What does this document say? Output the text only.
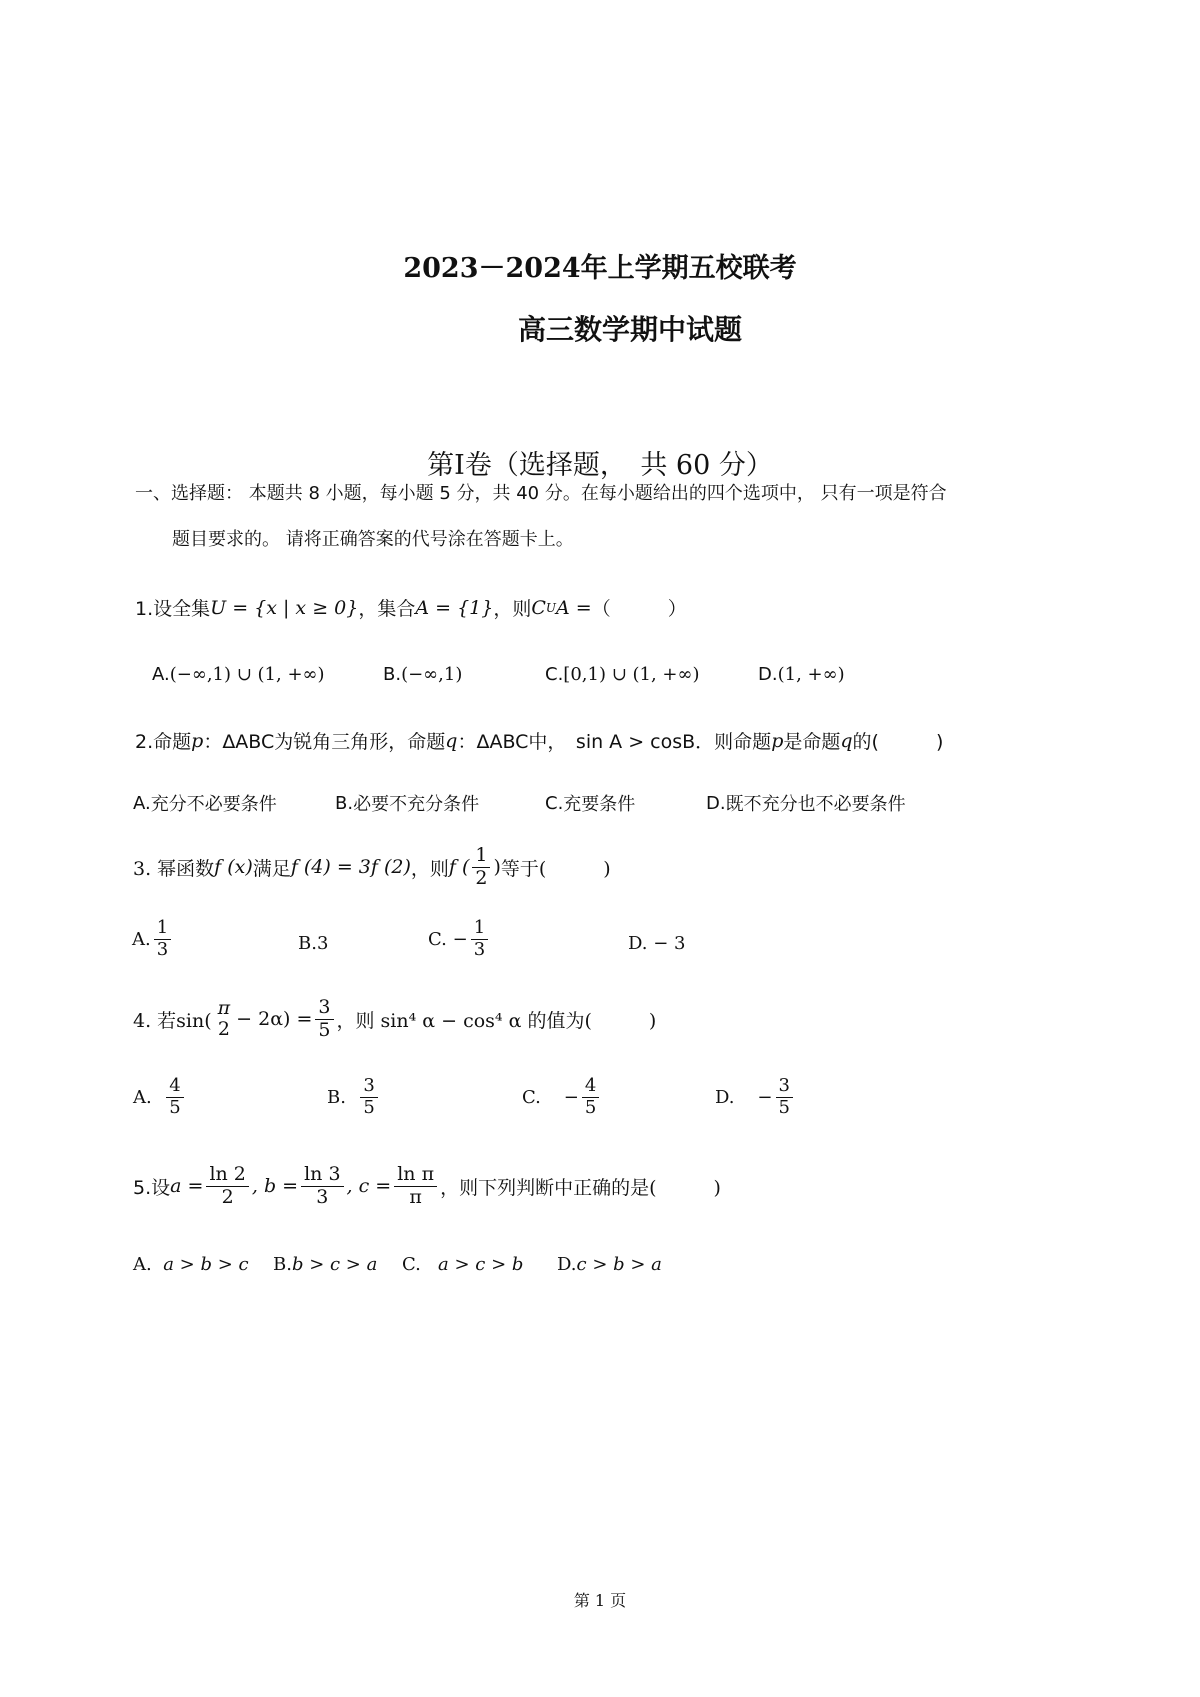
2023－2024年上学期五校联考
高三数学期中试题
第Ⅰ卷（选择题，　共 60 分）
一、选择题： 本题共 8 小题，每小题 5 分，共 40 分。在每小题给出的四个选项中， 只有一项是符合
题目要求的。 请将正确答案的代号涂在答题卡上。
1.设全集 U = {x | x ≥ 0} ，集合 A = {1} ，则 C U A = （　　　）
A. (−∞,1) ∪ (1, +∞)	B. (−∞,1)	C. [0,1) ∪ (1, +∞)	D. (1, +∞)
2.命题 p ：ΔABC为锐角三角形，命题 q ：ΔABC中，　sin A > cosB．则命题 p 是命题 q 的(　　　)
A. 充分不必要条件	B. 必要不充分条件	C. 充要条件	D. 既不充分也不必要条件
3. 幂函数 f (x) 满足 f (4) = 3f (2) ，则 f ( $\frac{1}{2}$ ) 等于(　　　)
A. $\frac{1}{3}$	B. 3	C.
− $\frac{1}{3}$	D.
− 3
4. 若sin(
π
$2 - 2\alpha) = \frac{3}{5}$ ，则 sin⁴ α − cos⁴ α 的值为(　　　)
A.
$\frac{4}{5}$	B.
$\frac{3}{5}$	C.
− $\frac{4}{5}$	D.
− $\frac{3}{5}$
5.设 $a = \frac{\ln 2}{2}$ , $b = \frac{\ln 3}{3}$ , $c = \frac{\text{ln π}}{\pi}$ ，则下列判断中正确的是(　　　)
A.
a > b > c B. b > c > a C.
a > c > b D. c > b > a
第 1 页
